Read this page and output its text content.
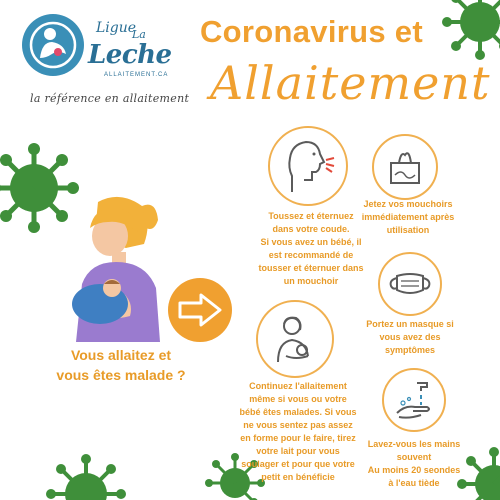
Ligue
La
Leche
ALLAITEMENT.CA
la référence en allaitement
Coronavirus et
Allaitement
Vous allaitez et
vous êtes malade ?
Toussez et éternuez
dans votre coude.
Si vous avez un bébé, il
est recommandé de
tousser et éternuer dans
un mouchoir
Jetez vos mouchoirs
immédiatement après
utilisation
Portez un masque si
vous avez des
symptômes
Continuez l'allaitement
même si vous ou votre
bébé êtes malades. Si vous
ne vous sentez pas assez
en forme pour le faire, tirez
votre lait pour vous
soulager et pour que votre
petit en bénéficie
Lavez-vous les mains
souvent
Au moins 20 seondes
à l'eau tiède
